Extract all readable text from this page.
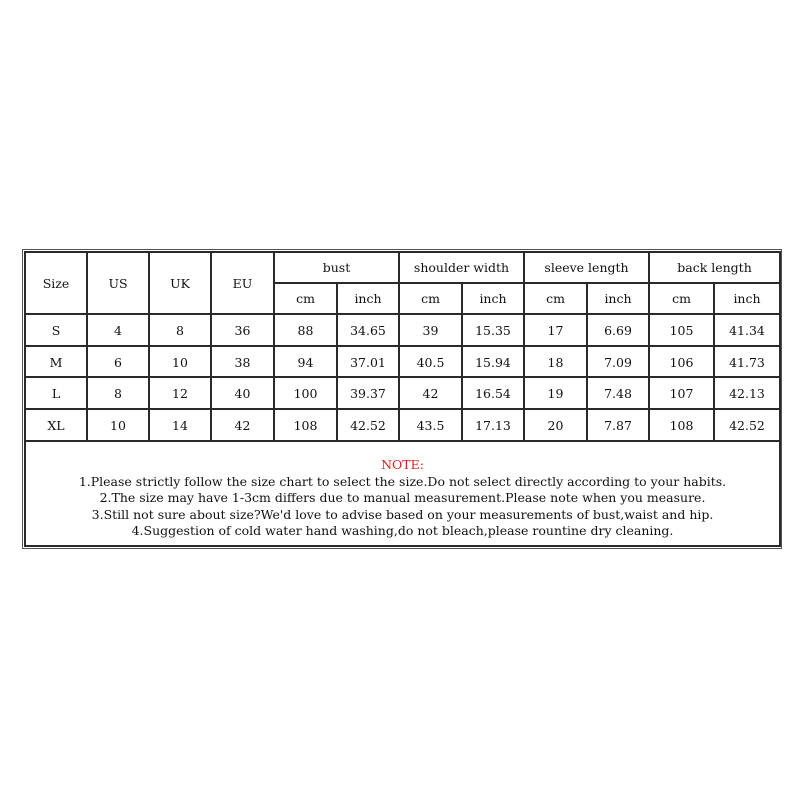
Size	US	UK	EU
bust	shoulder width	sleeve length	back length
cm	inch	cm	inch	cm	inch	cm	inch
S	4	8	36	88	34.65	39	15.35	17	6.69	105	41.34
M	6	10	38	94	37.01	40.5	15.94	18	7.09	106	41.73
L	8	12	40	100	39.37	42	16.54	19	7.48	107	42.13
XL	10	14	42	108	42.52	43.5	17.13	20	7.87	108	42.52
NOTE:
1.Please strictly follow the size chart to select the size.Do not select directly according to your habits.
2.The size may have 1-3cm differs due to manual measurement.Please note when you measure.
3.Still not sure about size?We'd love to advise based on your measurements of bust,waist and hip.
4.Suggestion of cold water hand washing,do not bleach,please rountine dry cleaning.
